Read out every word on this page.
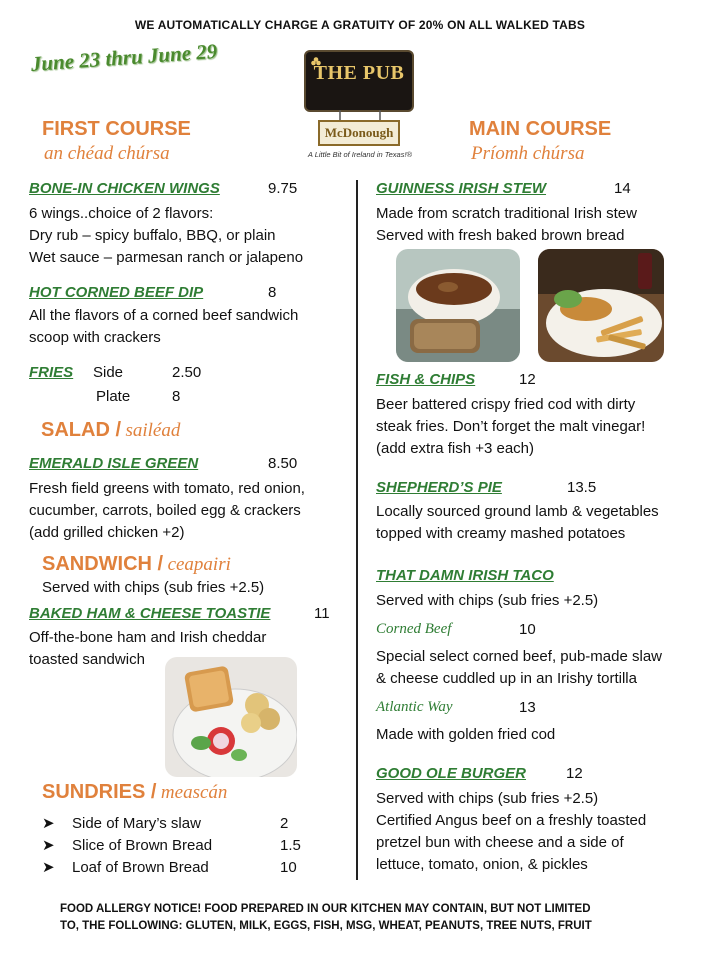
WE AUTOMATICALLY CHARGE A GRATUITY OF 20% ON ALL WALKED TABS
June 23 thru June 29	THE PUB
McDonough
A Little Bit of Ireland in Texas!®
FIRST COURSE
an chéad chúrsa
BONE-IN CHICKEN WINGS	9.75
6 wings..choice of 2 flavors:
Dry rub – spicy buffalo, BBQ, or plain
Wet sauce – parmesan ranch or jalapeno
HOT CORNED BEEF DIP	8
All the flavors of a corned beef sandwich
scoop with crackers
FRIES Side	2.50
Plate	8
SALAD / sailéad
EMERALD ISLE GREEN	8.50
Fresh field greens with tomato, red onion,
cucumber, carrots, boiled egg & crackers
(add grilled chicken +2)
SANDWICH / ceapairi
Served with chips (sub fries +2.5)
BAKED HAM & CHEESE TOASTIE	11
Off-the-bone ham and Irish cheddar
toasted sandwich
SUNDRIES / meascán
➤ Side of Mary’s slaw	2
➤ Slice of Brown Bread	1.5
➤ Loaf of Brown Bread	10
MAIN COURSE
Príomh chúrsa
GUINNESS IRISH STEW	14
Made from scratch traditional Irish stew
Served with fresh baked brown bread
FISH & CHIPS	12
Beer battered crispy fried cod with dirty
steak fries. Don’t forget the malt vinegar!
(add extra fish +3 each)
SHEPHERD’S PIE	13.5
Locally sourced ground lamb & vegetables
topped with creamy mashed potatoes
THAT DAMN IRISH TACO
Served with chips (sub fries +2.5)
Corned Beef	10
Special select corned beef, pub-made slaw
& cheese cuddled up in an Irishy tortilla
Atlantic Way	13
Made with golden fried cod
GOOD OLE BURGER	12
Served with chips (sub fries +2.5)
Certified Angus beef on a freshly toasted
pretzel bun with cheese and a side of
lettuce, tomato, onion, & pickles
FOOD ALLERGY NOTICE! FOOD PREPARED IN OUR KITCHEN MAY CONTAIN, BUT NOT LIMITED
TO, THE FOLLOWING: GLUTEN, MILK, EGGS, FISH, MSG, WHEAT, PEANUTS, TREE NUTS, FRUIT
